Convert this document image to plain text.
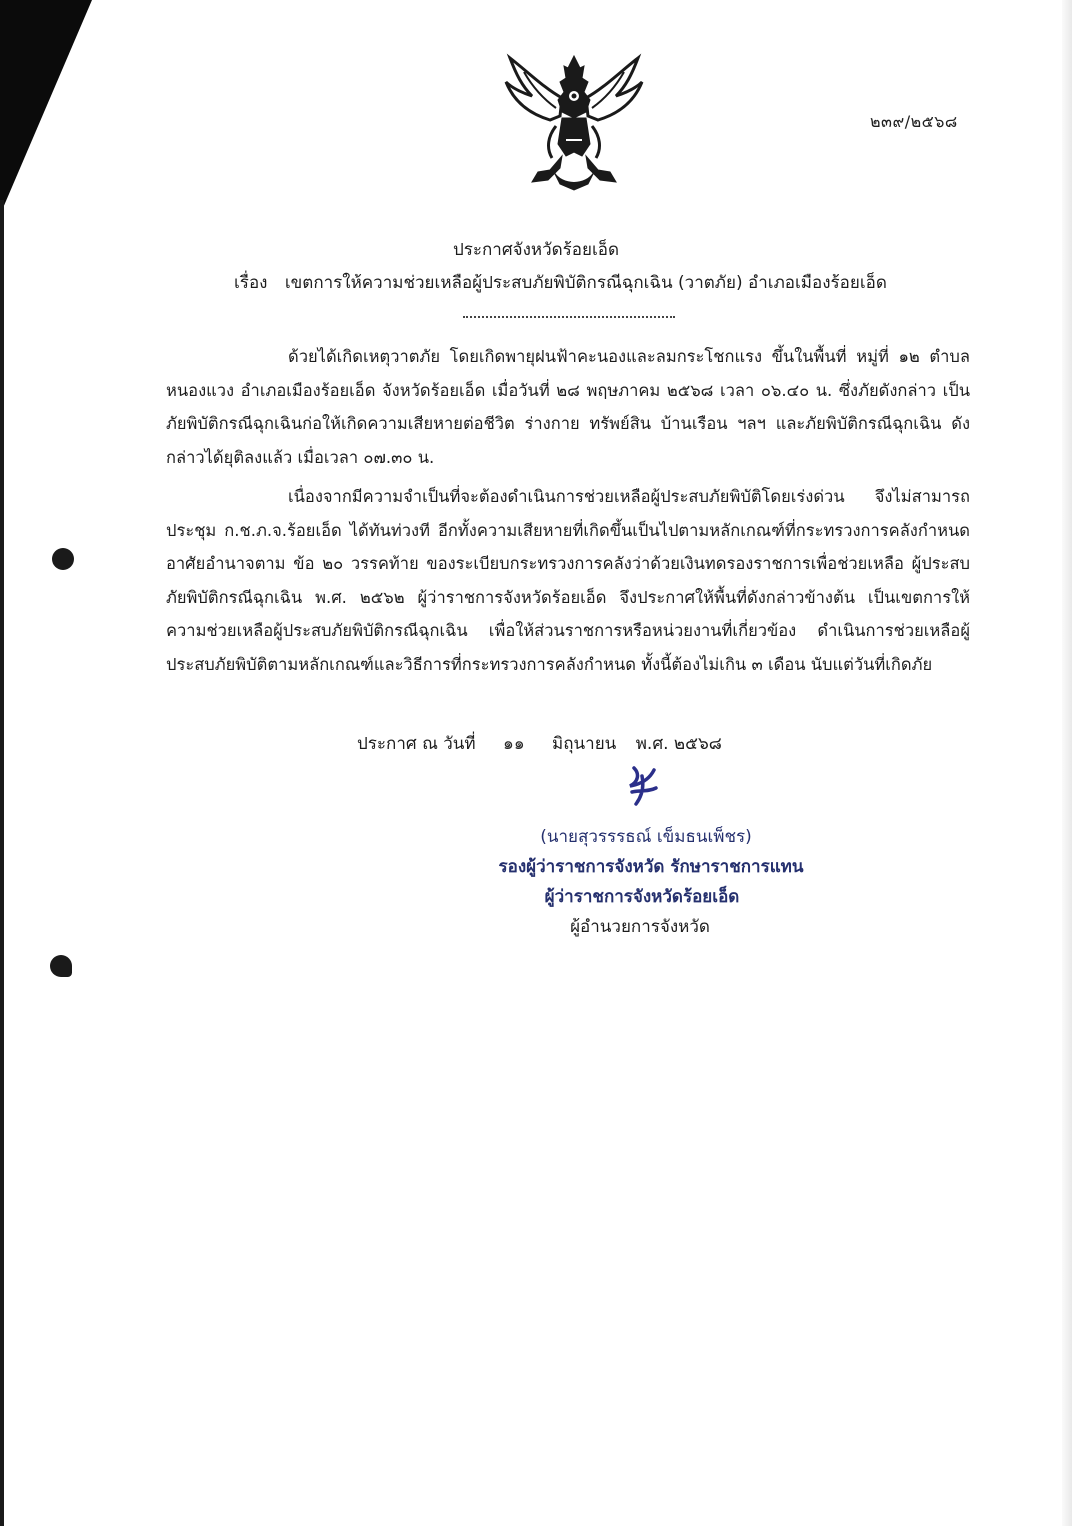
๒๓๙/๒๕๖๘
ประกาศจังหวัดร้อยเอ็ด
เรื่อง เขตการให้ความช่วยเหลือผู้ประสบภัยพิบัติกรณีฉุกเฉิน (วาตภัย) อำเภอเมืองร้อยเอ็ด
ด้วยได้เกิดเหตุวาตภัย โดยเกิดพายุฝนฟ้าคะนองและลมกระโชกแรง ขึ้นในพื้นที่ หมู่ที่ ๑๒ ตำบลหนองแวง อำเภอเมืองร้อยเอ็ด จังหวัดร้อยเอ็ด เมื่อวันที่ ๒๘ พฤษภาคม ๒๕๖๘ เวลา ๐๖.๔๐ น. ซึ่งภัยดังกล่าว เป็นภัยพิบัติกรณีฉุกเฉินก่อให้เกิดความเสียหายต่อชีวิต ร่างกาย ทรัพย์สิน บ้านเรือน ฯลฯ และภัยพิบัติกรณีฉุกเฉิน ดังกล่าวได้ยุติลงแล้ว เมื่อเวลา ๐๗.๓๐ น.
เนื่องจากมีความจำเป็นที่จะต้องดำเนินการช่วยเหลือผู้ประสบภัยพิบัติโดยเร่งด่วน จึงไม่สามารถ ประชุม ก.ช.ภ.จ.ร้อยเอ็ด ได้ทันท่วงที อีกทั้งความเสียหายที่เกิดขึ้นเป็นไปตามหลักเกณฑ์ที่กระทรวงการคลังกำหนด อาศัยอำนาจตาม ข้อ ๒๐ วรรคท้าย ของระเบียบกระทรวงการคลังว่าด้วยเงินทดรองราชการเพื่อช่วยเหลือ ผู้ประสบภัยพิบัติกรณีฉุกเฉิน พ.ศ. ๒๕๖๒ ผู้ว่าราชการจังหวัดร้อยเอ็ด จึงประกาศให้พื้นที่ดังกล่าวข้างต้น เป็นเขตการให้ความช่วยเหลือผู้ประสบภัยพิบัติกรณีฉุกเฉิน เพื่อให้ส่วนราชการหรือหน่วยงานที่เกี่ยวข้อง ดำเนินการช่วยเหลือผู้ประสบภัยพิบัติตามหลักเกณฑ์และวิธีการที่กระทรวงการคลังกำหนด ทั้งนี้ต้องไม่เกิน ๓ เดือน นับแต่วันที่เกิดภัย
ประกาศ ณ วันที่ ๑๑ มิถุนายน พ.ศ. ๒๕๖๘
(นายสุวรรรธณ์ เข็มธนเพ็ชร)
รองผู้ว่าราชการจังหวัด รักษาราชการแทน
ผู้ว่าราชการจังหวัดร้อยเอ็ด
ผู้อำนวยการจังหวัด
